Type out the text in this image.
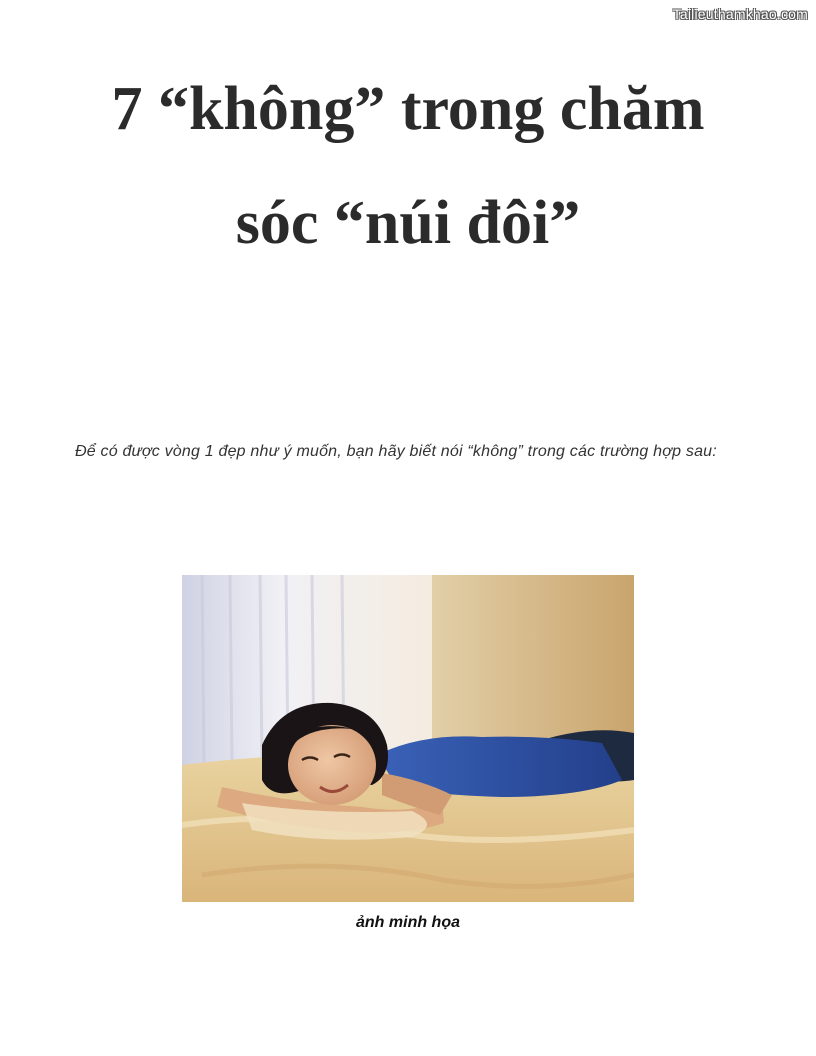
Tailieuthamkhao.com
7 “không” trong chăm
sóc “núi đôi”

Để có được vòng 1 đẹp như ý muốn, bạn hãy biết nói “không” trong các trường hợp sau:

ảnh minh họa
